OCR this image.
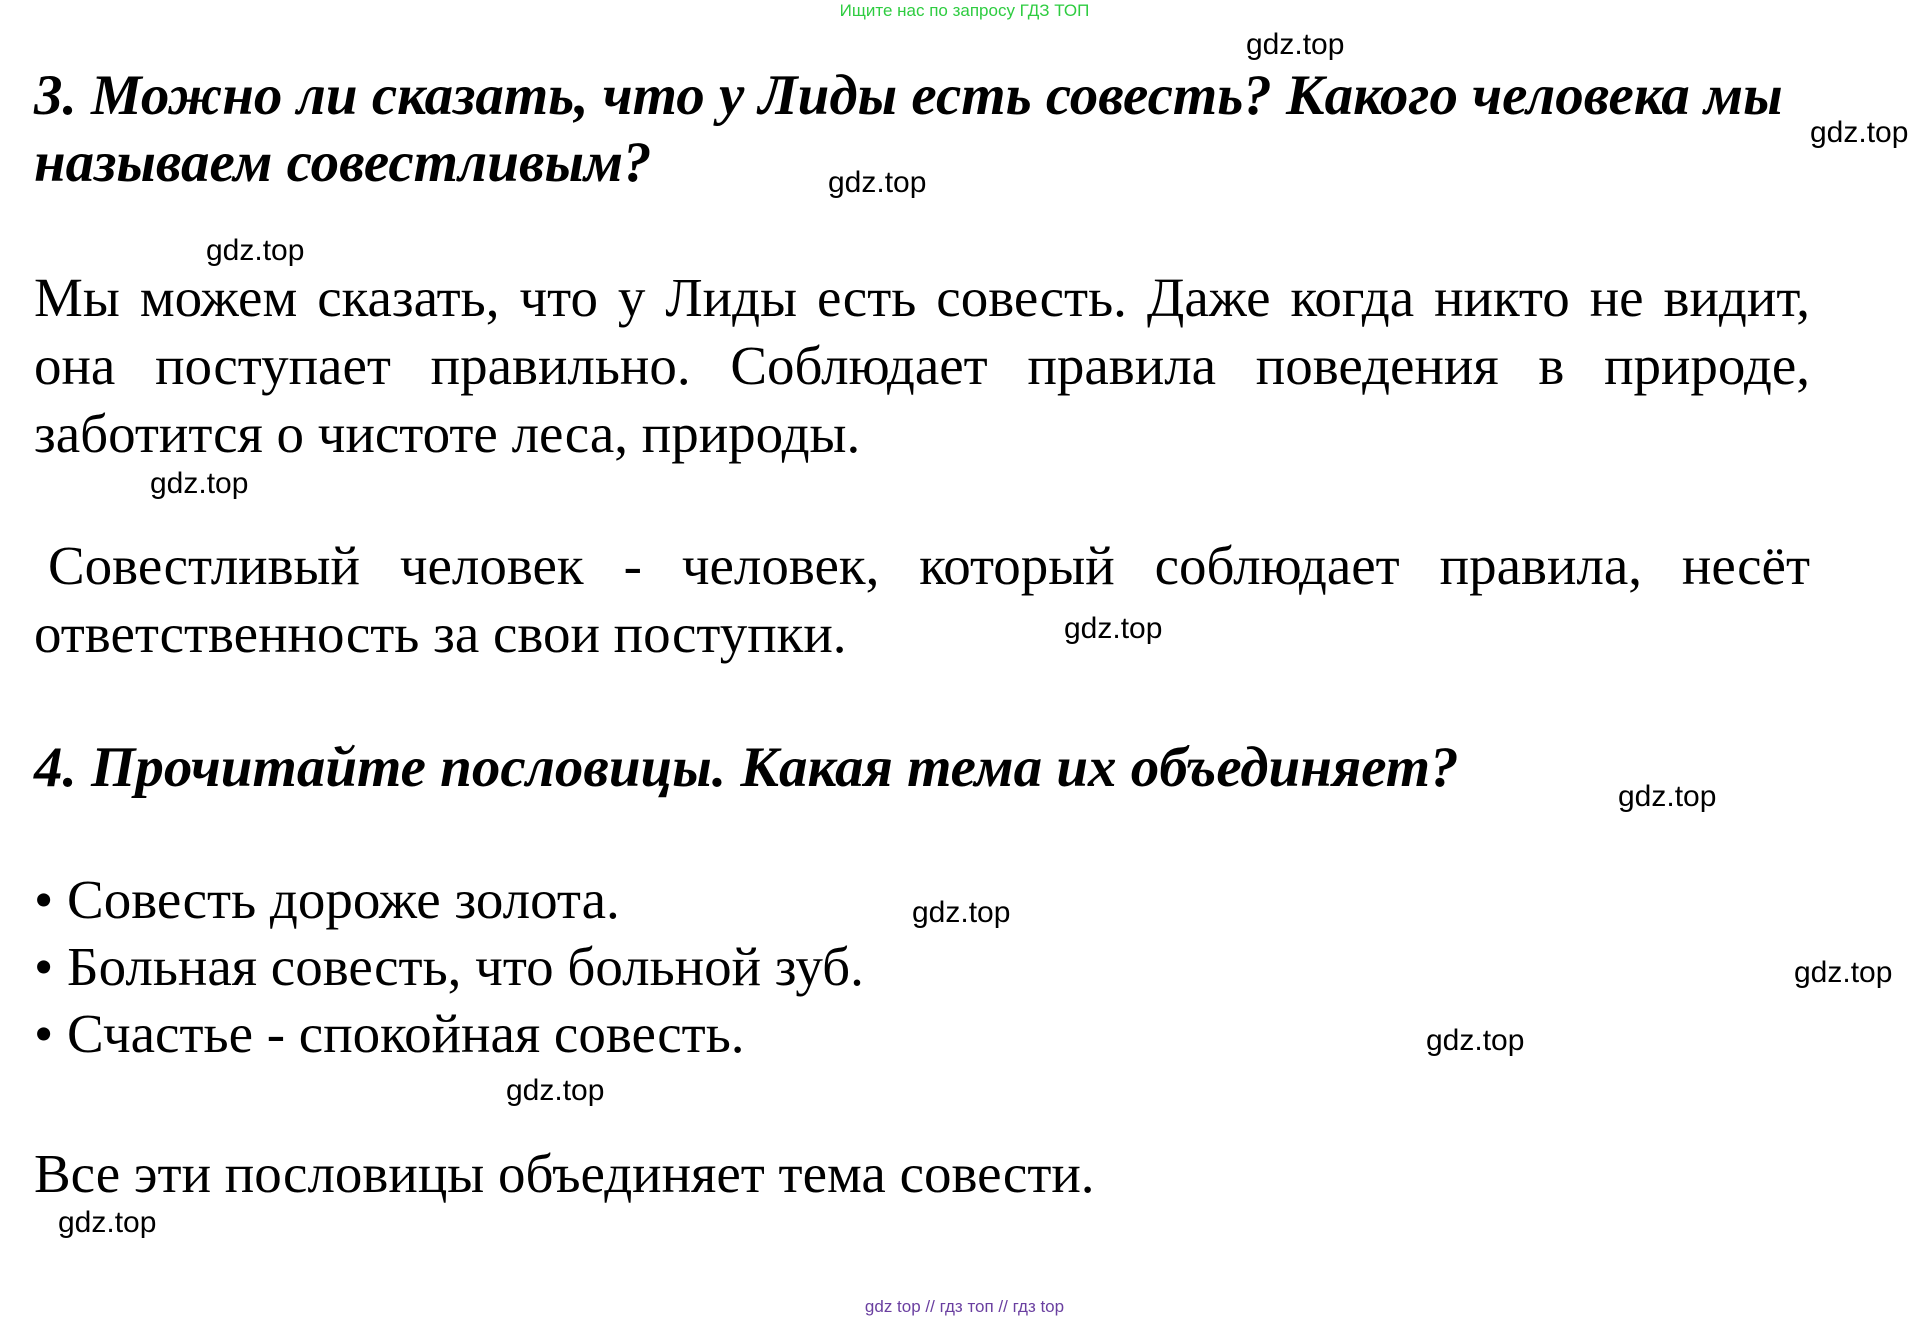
Ищите нас по запросу ГДЗ ТОП
3. Можно ли сказать, что у Лиды есть совесть? Какого человека мы
называем совестливым?

Мы можем сказать, что у Лиды есть совесть. Даже когда никто не видит, она поступает правильно. Соблюдает правила поведения в природе, заботится о чистоте леса, природы.

Совестливый человек - человек, который соблюдает правила, несёт ответственность за свои поступки.

4. Прочитайте пословицы. Какая тема их объединяет?
• Совесть дороже золота.
• Больная совесть, что больной зуб.
• Счастье - спокойная совесть.

Все эти пословицы объединяет тема совести.

gdz.top
gdz.top
gdz.top
gdz.top
gdz.top
gdz.top
gdz.top
gdz.top
gdz.top
gdz.top
gdz.top
gdz.top
gdz top // гдз топ // гдз top
